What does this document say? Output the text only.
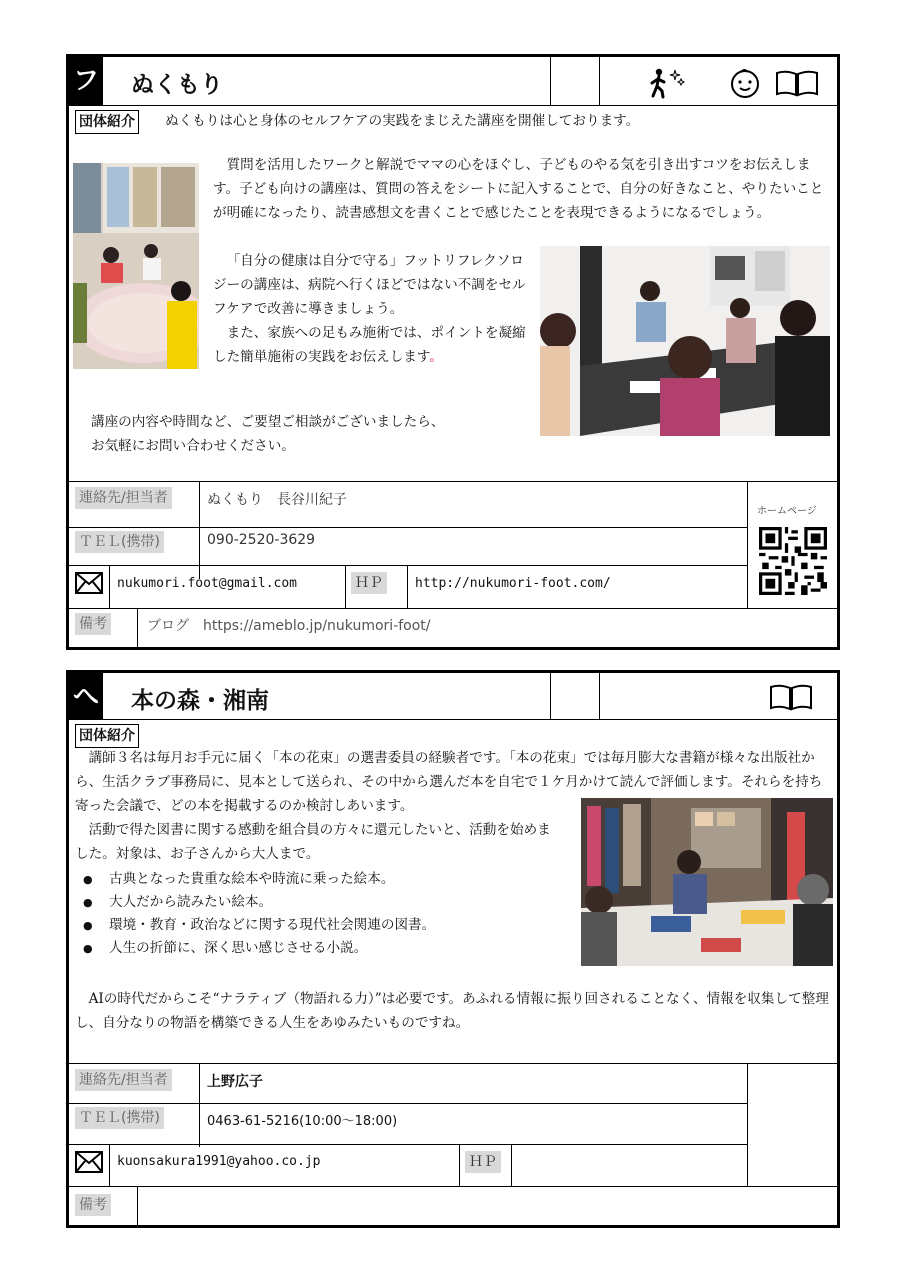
フ ぬくもり
団体紹介 ぬくもりは心と身体のセルフケアの実践をまじえた講座を開催しております。
　質問を活用したワークと解説でママの心をほぐし、子どものやる気を引き出すコツをお伝えします。子ども向けの講座は、質問の答えをシートに記入することで、自分の好きなこと、やりたいことが明確になったり、読書感想文を書くことで感じたことを表現できるようになるでしょう。
「自分の健康は自分で守る」フットリフレクソロジーの講座は、病院へ行くほどではない不調をセルフケアで改善に導きましょう。
　また、家族への足もみ施術では、ポイントを凝縮した簡単施術の実践をお伝えします。
講座の内容や時間など、ご要望ご相談がございましたら、
お気軽にお問い合わせください。
連絡先/担当者	ぬくもり　長谷川紀子
ＴＥＬ(携帯)	090-2520-3629
nukumori.foot@gmail.com	ＨＰ	http://nukumori-foot.com/
ホームページ
備考	ブログ　https://ameblo.jp/nukumori-foot/
へ 本の森・湘南
団体紹介
　講師３名は毎月お手元に届く「本の花束」の選書委員の経験者です。「本の花束」では毎月膨大な書籍が様々な出版社から、生活クラブ事務局に、見本として送られ、その中から選んだ本を自宅で１ケ月かけて読んで評価します。それらを持ち寄った会議で、どの本を掲載するのか検討しあいます。
　活動で得た図書に関する感動を組合員の方々に還元したいと、活動を始めました。対象は、お子さんから大人まで。
● 古典となった貴重な絵本や時流に乗った絵本。
● 大人だから読みたい絵本。
● 環境・教育・政治などに関する現代社会関連の図書。
● 人生の折節に、深く思い感じさせる小説。
　AIの時代だからこそ“ナラティブ（物語れる力）”は必要です。あふれる情報に振り回されることなく、情報を収集して整理し、自分なりの物語を構築できる人生をあゆみたいものですね。
連絡先/担当者	上野広子
ＴＥＬ(携帯)	0463-61-5216(10:00〜18:00)
kuonsakura1991@yahoo.co.jp	ＨＰ
備考
